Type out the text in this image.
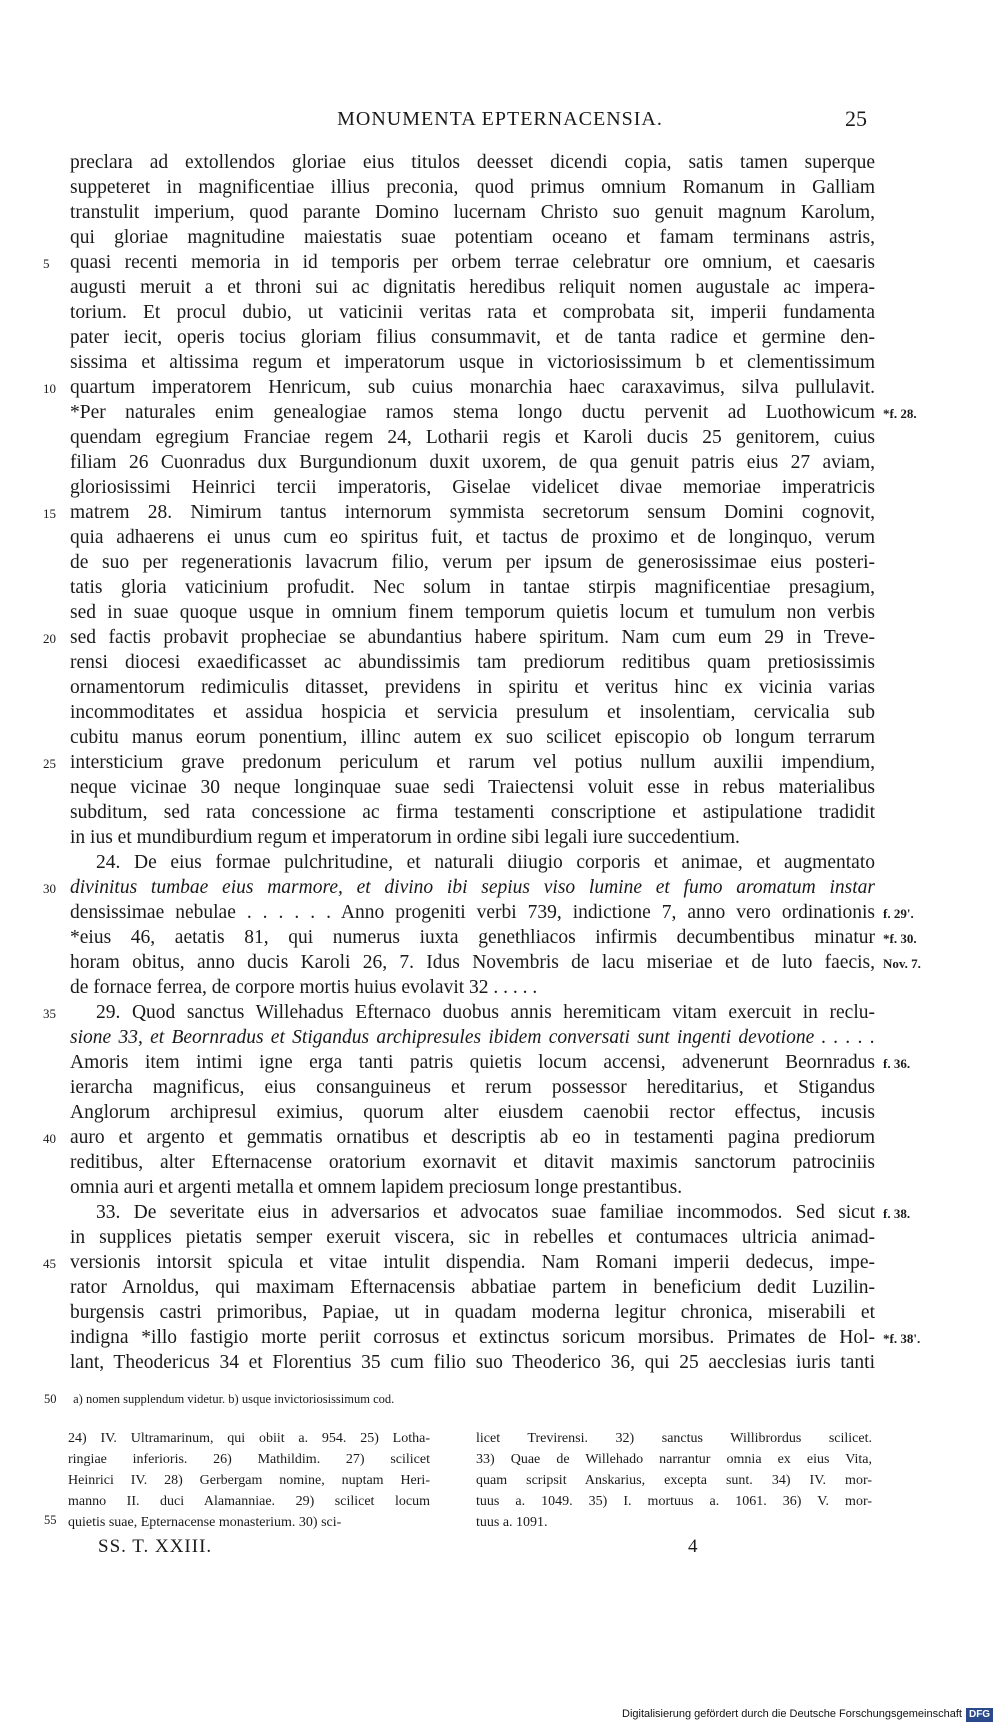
MONUMENTA EPTERNACENSIA.	25
preclara ad extollendos gloriae eius titulos deesset dicendi copia, satis tamen superque
suppeteret in magnificentiae illius preconia, quod primus omnium Romanum in Galliam
transtulit imperium, quod parante Domino lucernam Christo suo genuit magnum Karolum,
qui gloriae magnitudine maiestatis suae potentiam oceano et famam terminans astris,
5	quasi recenti memoria in id temporis per orbem terrae celebratur ore omnium, et caesaris
augusti meruit a et throni sui ac dignitatis heredibus reliquit nomen augustale ac impera-
torium. Et procul dubio, ut vaticinii veritas rata et comprobata sit, imperii fundamenta
pater iecit, operis tocius gloriam filius consummavit, et de tanta radice et germine den-
sissima et altissima regum et imperatorum usque in victoriosissimum b et clementissimum
10 quartum imperatorem Henricum, sub cuius monarchia haec caraxavimus, silva pullulavit.
*Per naturales enim genealogiae ramos stema longo ductu pervenit ad Luothowicum *f. 28.
quendam egregium Franciae regem 24, Lotharii regis et Karoli ducis 25 genitorem, cuius
filiam 26 Cuonradus dux Burgundionum duxit uxorem, de qua genuit patris eius 27 aviam,
gloriosissimi Heinrici tercii imperatoris, Giselae videlicet divae memoriae imperatricis
15 matrem 28. Nimirum tantus internorum symmista secretorum sensum Domini cognovit,
quia adhaerens ei unus cum eo spiritus fuit, et tactus de proximo et de longinquo, verum
de suo per regenerationis lavacrum filio, verum per ipsum de generosissimae eius posteri-
tatis gloria vaticinium profudit. Nec solum in tantae stirpis magnificentiae presagium,
sed in suae quoque usque in omnium finem temporum quietis locum et tumulum non verbis
20 sed factis probavit propheciae se abundantius habere spiritum. Nam cum eum 29 in Treve-
rensi diocesi exaedificasset ac abundissimis tam prediorum reditibus quam pretiosissimis
ornamentorum redimiculis ditasset, previdens in spiritu et veritus hinc ex vicinia varias
incommoditates et assidua hospicia et servicia presulum et insolentiam, cervicalia sub
cubitu manus eorum ponentium, illinc autem ex suo scilicet episcopio ob longum terrarum
25 intersticium grave predonum periculum et rarum vel potius nullum auxilii impendium,
neque vicinae 30 neque longinquae suae sedi Traiectensi voluit esse in rebus materialibus
subditum, sed rata concessione ac firma testamenti conscriptione et astipulatione tradidit
in ius et mundiburdium regum et imperatorum in ordine sibi legali iure succedentium.
24. De eius formae pulchritudine, et naturali diiugio corporis et animae, et augmentato
30 divinitus tumbae eius marmore, et divino ibi sepius viso lumine et fumo aromatum instar
densissimae nebulae . . . . . . Anno progeniti verbi 739, indictione 7, anno vero ordinationis f. 29'.
*eius 46, aetatis 81, qui numerus iuxta genethliacos infirmis decumbentibus minatur *f. 30.
horam obitus, anno ducis Karoli 26, 7. Idus Novembris de lacu miseriae et de luto faecis, Nov. 7.
de fornace ferrea, de corpore mortis huius evolavit 32 . . . . .
35	29. Quod sanctus Willehadus Efternaco duobus annis heremiticam vitam exercuit in reclu-
sione 33, et Beornradus et Stigandus archipresules ibidem conversati sunt ingenti devotione . . . . .
Amoris item intimi igne erga tanti patris quietis locum accensi, advenerunt Beornradus f. 36.
ierarcha magnificus, eius consanguineus et rerum possessor hereditarius, et Stigandus
Anglorum archipresul eximius, quorum alter eiusdem caenobii rector effectus, incusis
40 auro et argento et gemmatis ornatibus et descriptis ab eo in testamenti pagina prediorum
reditibus, alter Efternacense oratorium exornavit et ditavit maximis sanctorum patrociniis
omnia auri et argenti metalla et omnem lapidem preciosum longe prestantibus.
33. De severitate eius in adversarios et advocatos suae familiae incommodos. Sed sicut f. 38.
in supplices pietatis semper exeruit viscera, sic in rebelles et contumaces ultricia animad-
45 versionis intorsit spicula et vitae intulit dispendia. Nam Romani imperii dedecus, impe-
rator Arnoldus, qui maximam Efternacensis abbatiae partem in beneficium dedit Luzilin-
burgensis castri primoribus, Papiae, ut in quadam moderna legitur chronica, miserabili et
indigna *illo fastigio morte periit corrosus et extinctus soricum morsibus. Primates de Hol- *f. 38'.
lant, Theodericus 34 et Florentius 35 cum filio suo Theoderico 36, qui 25 aecclesias iuris tanti
50 a) nomen supplendum videtur. b) usque invictoriosissimum cod.
55
24) IV. Ultramarinum, qui obiit a. 954. 25) Lotha-
ringiae inferioris. 26) Mathildim. 27) scilicet
Heinrici IV. 28) Gerbergam nomine, nuptam Heri-
manno II. duci Alamanniae. 29) scilicet locum
quietis suae, Epternacense monasterium. 30) sci-
licet Trevirensi. 32) sanctus Willibrordus scilicet.
33) Quae de Willehado narrantur omnia ex eius Vita,
quam scripsit Anskarius, excepta sunt. 34) IV. mor-
tuus a. 1049. 35) I. mortuus a. 1061. 36) V. mor-
tuus a. 1091.
SS. T. XXIII.	4
Digitalisierung gefördert durch die Deutsche Forschungsgemeinschaft DFG
